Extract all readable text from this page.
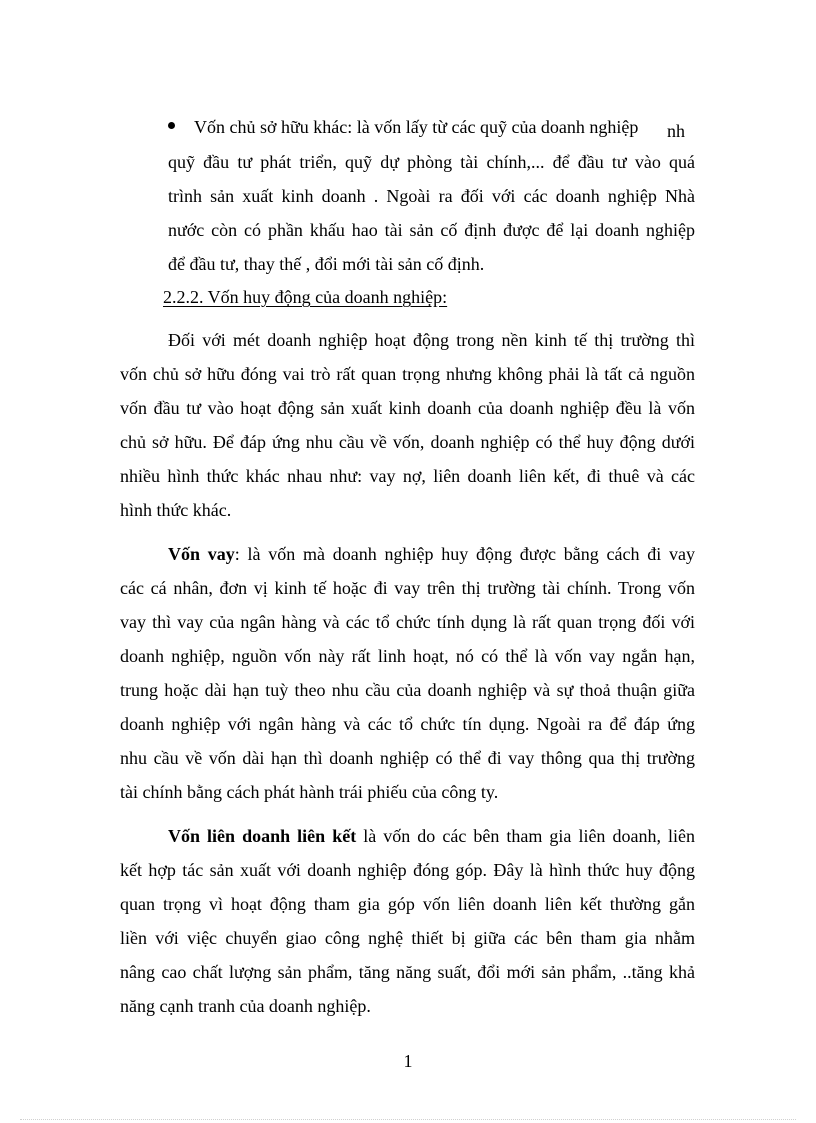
Vốn chủ sở hữu khác: là vốn lấy từ các quỹ của doanh nghiệp nh
quỹ đầu tư phát triển, quỹ dự phòng tài chính,... để đầu tư vào quá
trình sản xuất kinh doanh . Ngoài ra đối với các doanh nghiệp Nhà
nước còn có phần khấu hao tài sản cố định được để lại doanh nghiệp
để đầu tư, thay thế , đổi mới tài sản cố định.
2.2.2. Vốn huy động của doanh nghiệp:
Đối với mét doanh nghiệp hoạt động trong nền kinh tế thị trường thì
vốn chủ sở hữu đóng vai trò rất quan trọng nhưng không phải là tất cả nguồn
vốn đầu tư vào hoạt động sản xuất kinh doanh của doanh nghiệp đều là vốn
chủ sở hữu. Để đáp ứng nhu cầu về vốn, doanh nghiệp có thể huy động dưới
nhiều hình thức khác nhau như: vay nợ, liên doanh liên kết, đi thuê và các
hình thức khác.
Vốn vay: là vốn mà doanh nghiệp huy động được bằng cách đi vay
các cá nhân, đơn vị kinh tế hoặc đi vay trên thị trường tài chính. Trong vốn
vay thì vay của ngân hàng và các tổ chức tính dụng là rất quan trọng đối với
doanh nghiệp, nguồn vốn này rất linh hoạt, nó có thể là vốn vay ngắn hạn,
trung hoặc dài hạn tuỳ theo nhu cầu của doanh nghiệp và sự thoả thuận giữa
doanh nghiệp với ngân hàng và các tổ chức tín dụng. Ngoài ra để đáp ứng
nhu cầu về vốn dài hạn thì doanh nghiệp có thể đi vay thông qua thị trường
tài chính bằng cách phát hành trái phiếu của công ty.
Vốn liên doanh liên kết là vốn do các bên tham gia liên doanh, liên
kết hợp tác sản xuất với doanh nghiệp đóng góp. Đây là hình thức huy động
quan trọng vì hoạt động tham gia góp vốn liên doanh liên kết thường gắn
liền với việc chuyển giao công nghệ thiết bị giữa các bên tham gia nhằm
nâng cao chất lượng sản phẩm, tăng năng suất, đổi mới sản phẩm, ..tăng khả
năng cạnh tranh của doanh nghiệp.
1
